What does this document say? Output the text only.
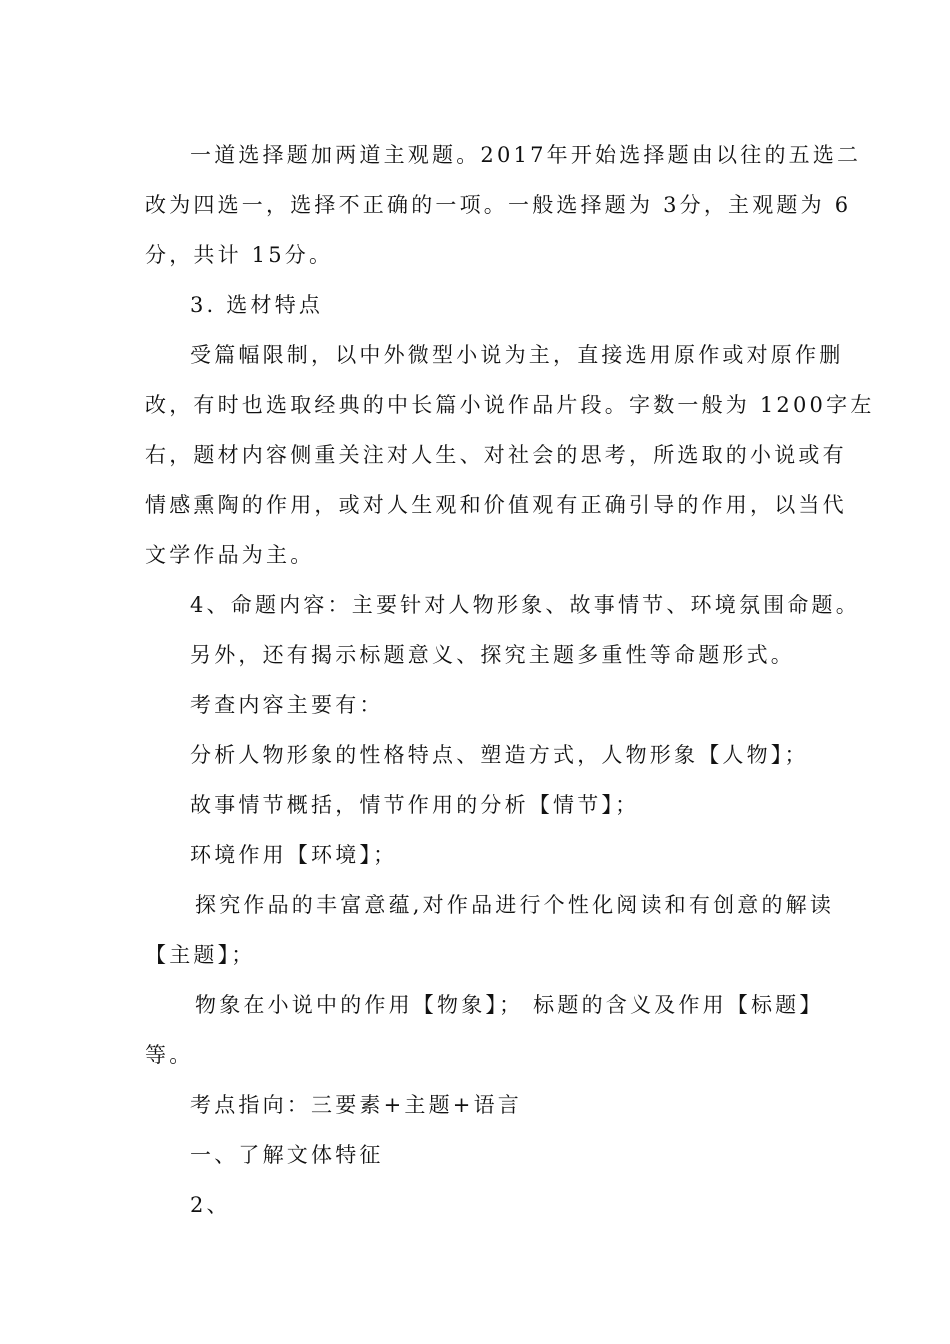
一道选择题加两道主观题。2017年开始选择题由以往的五选二
改为四选一，选择不正确的一项。一般选择题为 3分，主观题为 6
分，共计 15分。
3. 选材特点
受篇幅限制，以中外微型小说为主，直接选用原作或对原作删
改，有时也选取经典的中长篇小说作品片段。字数一般为 1200字左
右，题材内容侧重关注对人生、对社会的思考，所选取的小说或有
情感熏陶的作用，或对人生观和价值观有正确引导的作用，以当代
文学作品为主。
4、命题内容：主要针对人物形象、故事情节、环境氛围命题。
另外，还有揭示标题意义、探究主题多重性等命题形式。
考查内容主要有：
分析人物形象的性格特点、塑造方式，人物形象【人物】；
故事情节概括，情节作用的分析【情节】；
环境作用【环境】；
探究作品的丰富意蕴,对作品进行个性化阅读和有创意的解读
【主题】；
物象在小说中的作用【物象】； 标题的含义及作用【标题】
等。
考点指向：三要素+主题+语言
一、了解文体特征
2、
